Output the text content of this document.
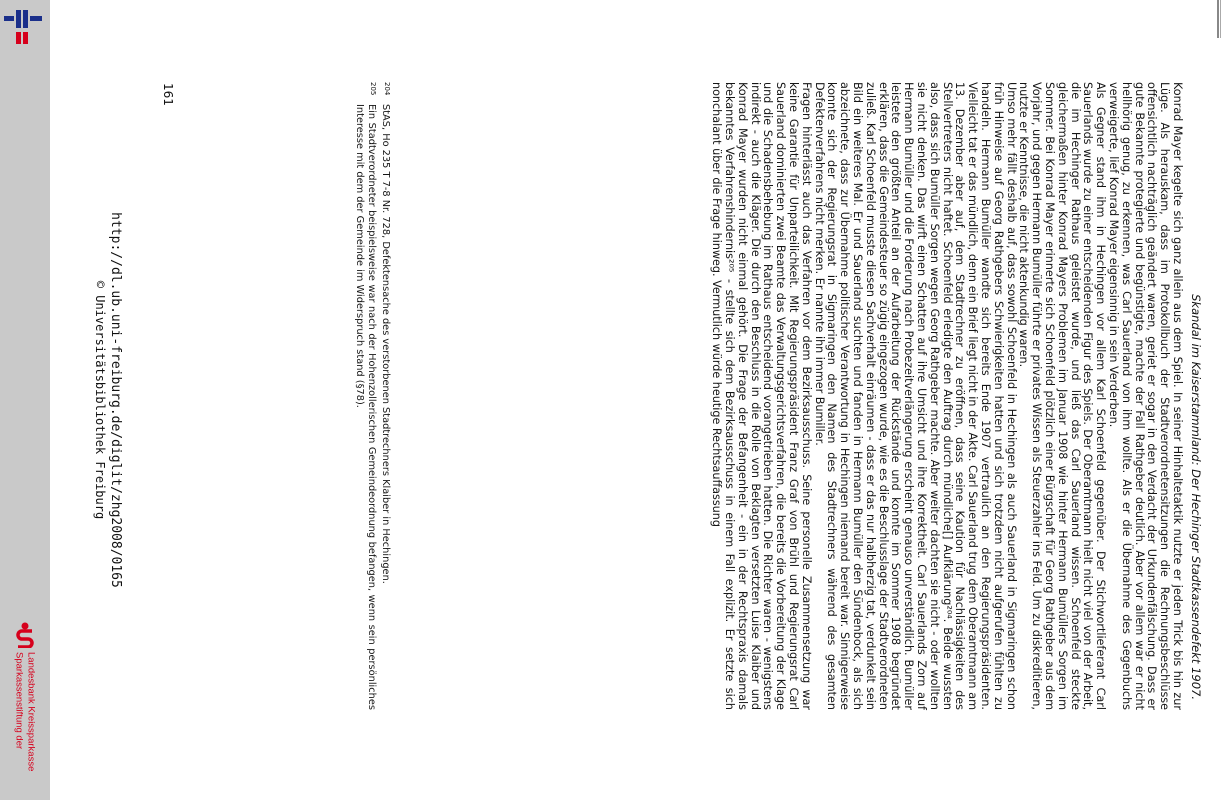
Sparkassenstiftung der Landesbank Kreissparkasse
Skandal im Kaiserstammland: Der Hechinger Stadtkassendefekt 1907.

Konrad Mayer kegelte sich ganz allein aus dem Spiel. In seiner Hinhaltetaktik nutzte er jeden Trick bis hin zur Lüge. Als herauskam, dass im Protokollbuch der Stadtverordnetensitzungen die Rechnungsbeschlüsse offensichtlich nachträglich geändert waren, geriet er sogar in den Verdacht der Urkundenfälschung. Dass er gute Bekannte protegierte und begünstigte, machte der Fall Rathgeber deutlich. Aber vor allem war er nicht hellhörig genug, zu erkennen, was Carl Sauerland von ihm wollte. Als er die Übernahme des Gegenbuchs verweigerte, lief Konrad Mayer eigensinnig in sein Verderben.

Als Gegner stand ihm in Hechingen vor allem Karl Schoenfeld gegenüber. Der Stichwortlieferant Carl Sauerlands wurde zu einer entscheidenden Figur des Spiels. Der Oberamtmann hielt nicht viel von der Arbeit, die im Hechinger Rathaus geleistet wurde, und ließ das Carl Sauerland wissen. Schoenfeld steckte gleichermaßen hinter Konrad Mayers Problemen im Januar 1908 wie hinter Hermann Bumüllers Sorgen im Sommer. Bei Konrad Mayer erinnerte sich Schoenfeld plötzlich einer Bürgschaft für Georg Rathgeber aus dem Vorjahr, und gegen Hermann Bumüller führte er privates Wissen als Steuerzahler ins Feld. Um zu diskreditieren, nutzte er Kenntnisse, die nicht aktenkundig waren.

Umso mehr fällt deshalb auf, dass sowohl Schoenfeld in Hechingen als auch Sauerland in Sigmaringen schon früh Hinweise auf Georg Rathgebers Schwierigkeiten hatten und sich trotzdem nicht aufgerufen fühlten zu handeln. Hermann Bumüller wandte sich bereits Ende 1907 vertraulich an den Regierungspräsidenten. Vielleicht tat er das mündlich, denn ein Brief liegt nicht in der Akte. Carl Sauerland trug dem Oberamtmann am 13. Dezember aber auf, dem Stadtrechner zu eröffnen, dass seine Kaution für Nachlässigkeiten des Stellvertreters nicht haftet. Schoenfeld erledigte den Auftrag durch mündliche[] Aufklärung²⁰⁴. Beide wussten also, dass sich Bumüller Sorgen wegen Georg Rathgeber machte. Aber weiter dachten sie nicht - oder wollten sie nicht denken. Das wirft einen Schatten auf ihre Umsicht und ihre Korrektheit. Carl Sauerlands Zorn auf Hermann Bumüller und die Forderung nach Probezeitverlängerung erscheint genauso unverständlich. Bumüller leistete den größten Anteil an der Aufarbeitung der Rückstände und konnte im Sommer 1908 begründet erklären, dass die Gemeindesteuer so zügig eingezogen wurde, wie es die Beschlusslage der Stadtverordneten zuließ. Karl Schoenfeld musste diesen Sachverhalt einräumen - dass er das nur halbherzig tat, verdunkelt sein Bild ein weiteres Mal. Er und Sauerland suchten und fanden in Hermann Bumüller den Sündenbock, als sich abzeichnete, dass zur Übernahme politischer Verantwortung in Hechingen niemand bereit war. Sinnigerweise konnte sich der Regierungsrat in Sigmaringen den Namen des Stadtrechners während des gesamten Defektenverfahrens nicht merken. Er nannte ihn immer Bumiller.

Fragen hinterlässt auch das Verfahren vor dem Bezirksausschuss. Seine personelle Zusammensetzung war keine Garantie für Unparteilichkeit. Mit Regierungspräsident Franz Graf von Brühl und Regierungsrat Carl Sauerland dominierten zwei Beamte das Verwaltungsgerichtsverfahren, die bereits die Vorbereitung der Klage und die Schadensbehebung im Rathaus entscheidend vorangetrieben hatten. Die Richter waren - wenigstens indirekt - auch die Kläger. Die durch den Beschluss in die Rolle von Beklagten versetzten Luise Klaiber und Konrad Mayer wurden nicht einmal gehört. Die Frage der Befangenheit - ein in der Rechtspraxis damals bekanntes Verfahrenshindernis²⁰⁵ - stellte sich dem Bezirksausschuss in einem Fall explizit. Er setzte sich nonchalant über die Frage hinweg. Vermutlich würde heutige Rechtsauffassung

204
StAS, Ho 235 T 7-8 Nr. 728, Defektensache des verstorbenen Stadtrechners Klaiber in Hechingen.
205
Ein Stadtverordneter beispielsweise war nach der Hohenzollerischen Gemeindeordnung befangen, wenn sein persönliches Interesse mit dem der Gemeinde im Widerspruch stand (§78).
161
http://dl.ub.uni-freiburg.de/diglit/zhg2008/0165
© Universitätsbibliothek Freiburg
